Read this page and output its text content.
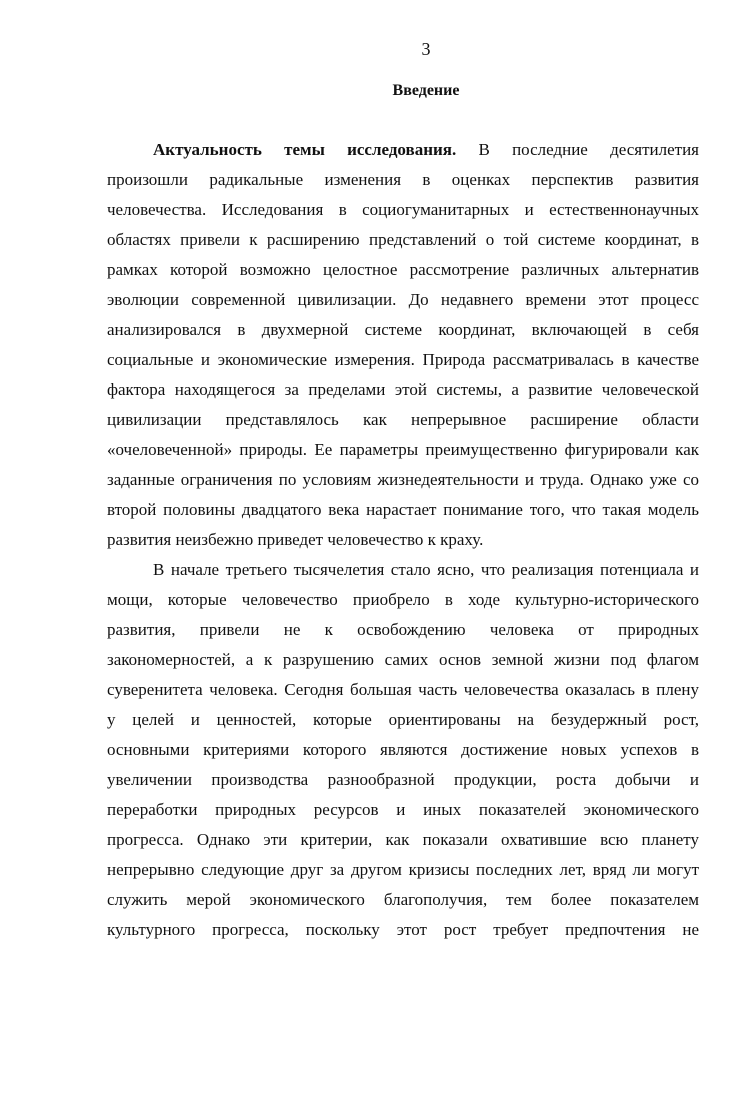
3
Введение
Актуальность темы исследования. В последние десятилетия
произошли радикальные изменения в оценках перспектив развития
человечества. Исследования в социогуманитарных и естественнонаучных
областях привели к расширению представлений о той системе координат, в
рамках которой возможно целостное рассмотрение различных альтернатив
эволюции современной цивилизации. До недавнего времени этот процесс
анализировался в двухмерной системе координат, включающей в себя
социальные и экономические измерения. Природа рассматривалась в качестве
фактора находящегося за пределами этой системы, а развитие человеческой
цивилизации представлялось как непрерывное расширение области
«очеловеченной» природы. Ее параметры преимущественно фигурировали как
заданные ограничения по условиям жизнедеятельности и труда. Однако уже со
второй половины двадцатого века нарастает понимание того, что такая модель
развития неизбежно приведет человечество к краху.
В начале третьего тысячелетия стало ясно, что реализация потенциала и
мощи, которые человечество приобрело в ходе культурно-исторического
развития, привели не к освобождению человека от природных
закономерностей, а к разрушению самих основ земной жизни под флагом
суверенитета человека. Сегодня большая часть человечества оказалась в плену
у целей и ценностей, которые ориентированы на безудержный рост,
основными критериями которого являются достижение новых успехов в
увеличении производства разнообразной продукции, роста добычи и
переработки природных ресурсов и иных показателей экономического
прогресса. Однако эти критерии, как показали охватившие всю планету
непрерывно следующие друг за другом кризисы последних лет, вряд ли могут
служить мерой экономического благополучия, тем более показателем
культурного прогресса, поскольку этот рост требует предпочтения не
